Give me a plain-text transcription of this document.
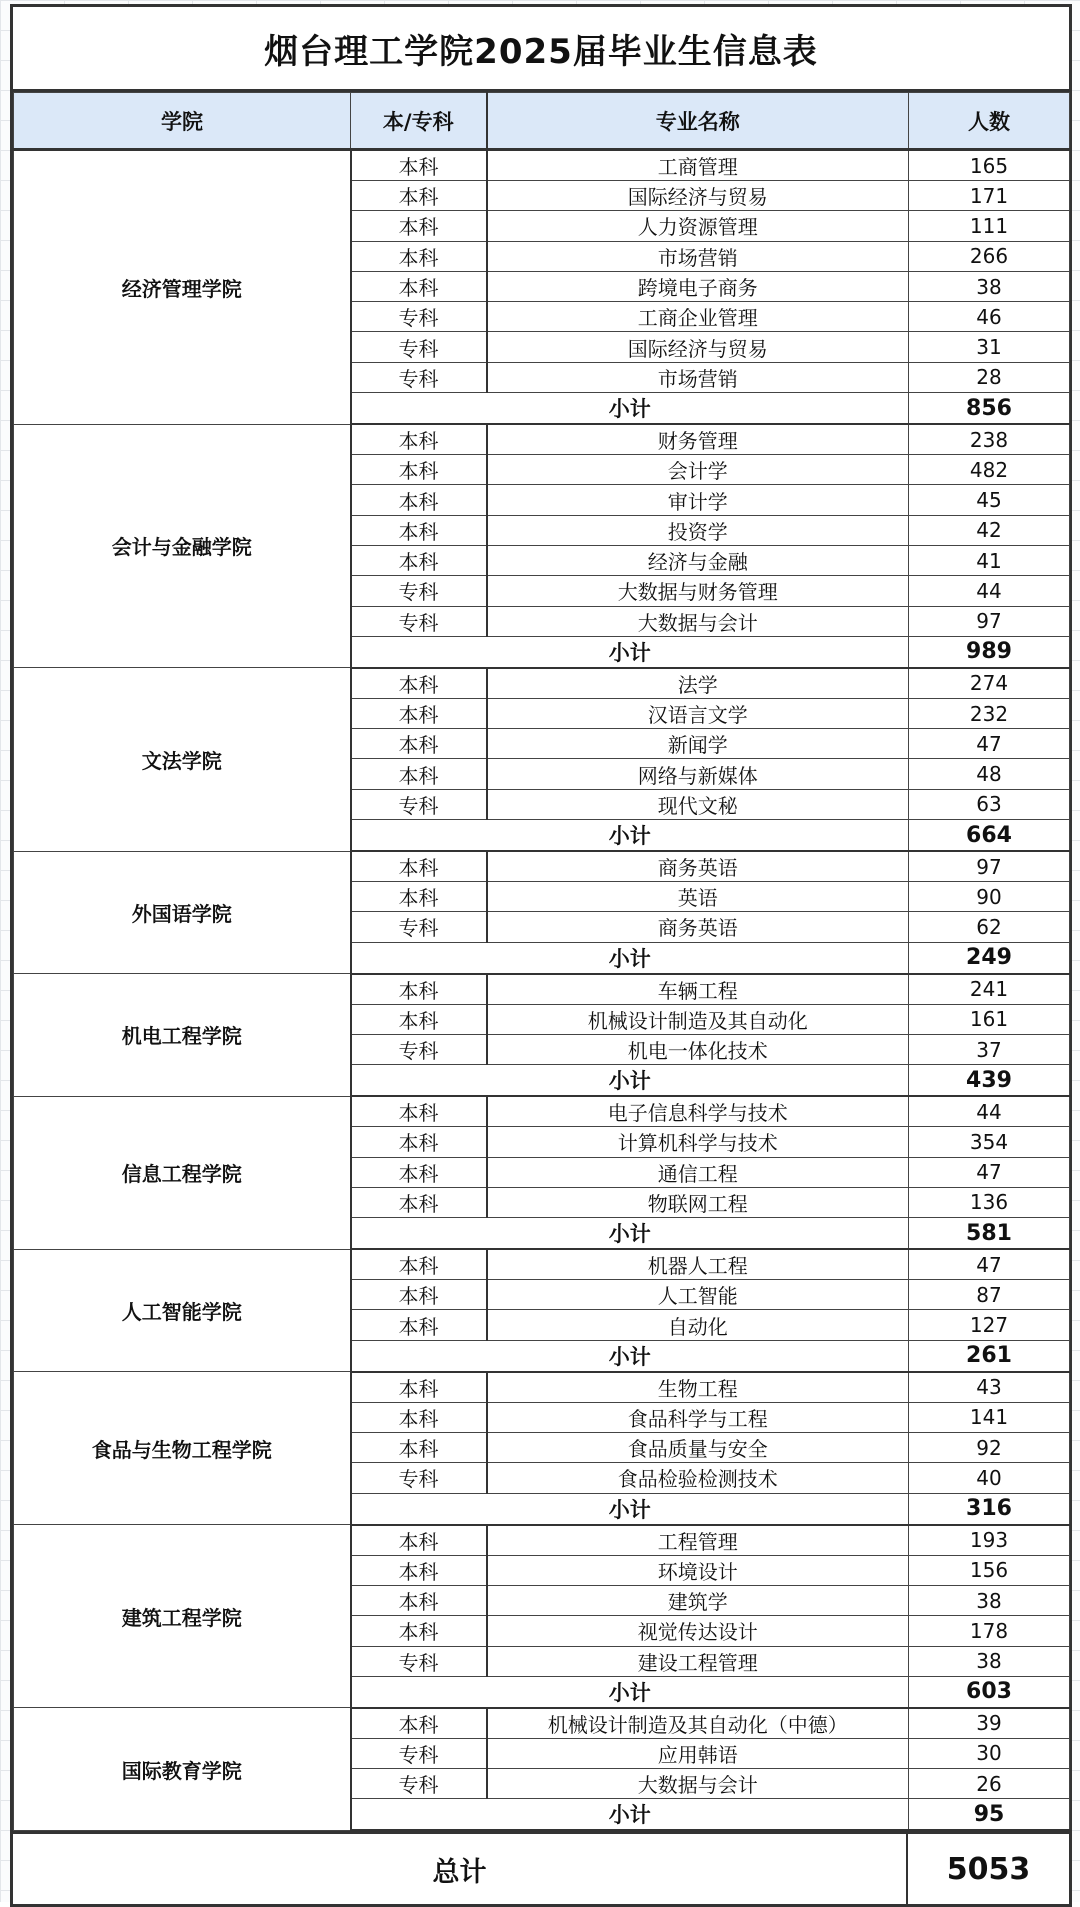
烟台理工学院2025届毕业生信息表
学院	本/专科	专业名称	人数
经济管理学院	本科	工商管理	165
	本科	国际经济与贸易	171
	本科	人力资源管理	111
	本科	市场营销	266
	本科	跨境电子商务	38
	专科	工商企业管理	46
	专科	国际经济与贸易	31
	专科	市场营销	28
	小计		856
会计与金融学院	本科	财务管理	238
	本科	会计学	482
	本科	审计学	45
	本科	投资学	42
	本科	经济与金融	41
	专科	大数据与财务管理	44
	专科	大数据与会计	97
	小计		989
文法学院	本科	法学	274
	本科	汉语言文学	232
	本科	新闻学	47
	本科	网络与新媒体	48
	专科	现代文秘	63
	小计		664
外国语学院	本科	商务英语	97
	本科	英语	90
	专科	商务英语	62
	小计		249
机电工程学院	本科	车辆工程	241
	本科	机械设计制造及其自动化	161
	专科	机电一体化技术	37
	小计		439
信息工程学院	本科	电子信息科学与技术	44
	本科	计算机科学与技术	354
	本科	通信工程	47
	本科	物联网工程	136
	小计		581
人工智能学院	本科	机器人工程	47
	本科	人工智能	87
	本科	自动化	127
	小计		261
食品与生物工程学院	本科	生物工程	43
	本科	食品科学与工程	141
	本科	食品质量与安全	92
	专科	食品检验检测技术	40
	小计		316
建筑工程学院	本科	工程管理	193
	本科	环境设计	156
	本科	建筑学	38
	本科	视觉传达设计	178
	专科	建设工程管理	38
	小计		603
国际教育学院	本科	机械设计制造及其自动化（中德）	39
	专科	应用韩语	30
	专科	大数据与会计	26
	小计		95
总计	5053
